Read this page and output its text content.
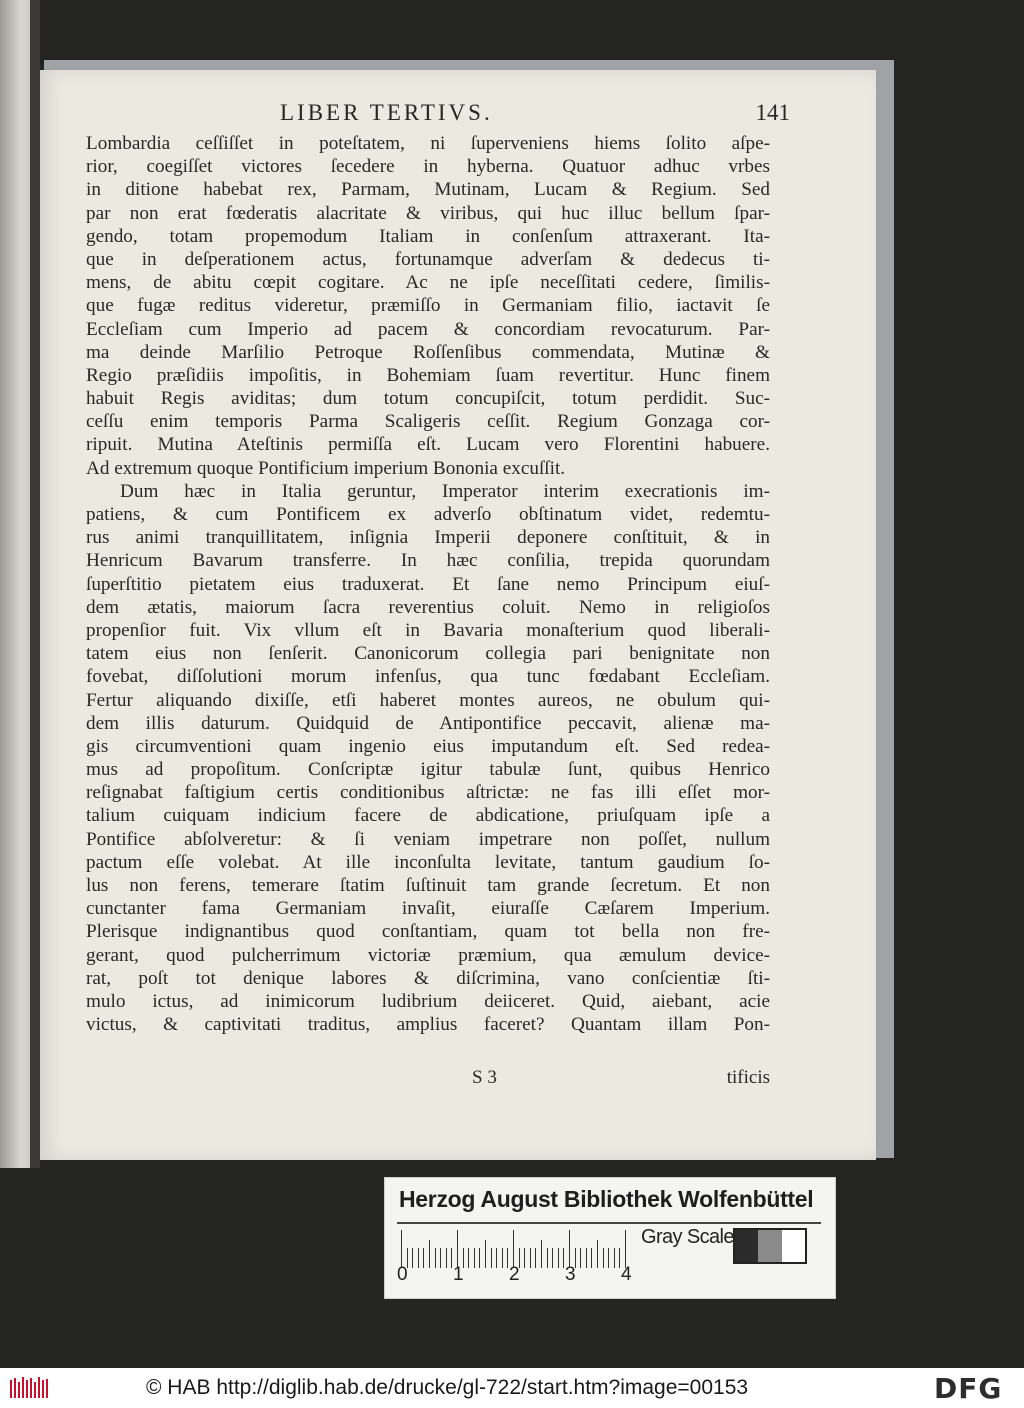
LIBER TERTIVS.	141
Lombardia ceſſiſſet in poteſtatem, ni ſuperveniens hiems ſolito aſpe-
rior, coegiſſet victores ſecedere in hyberna. Quatuor adhuc vrbes
in ditione habebat rex, Parmam, Mutinam, Lucam & Regium. Sed
par non erat fœderatis alacritate & viribus, qui huc illuc bellum ſpar-
gendo, totam propemodum Italiam in conſenſum attraxerant. Ita-
que in deſperationem actus, fortunamque adverſam & dedecus ti-
mens, de abitu cœpit cogitare. Ac ne ipſe neceſſitati cedere, ſimilis-
que fugæ reditus videretur, præmiſſo in Germaniam filio, iactavit ſe
Eccleſiam cum Imperio ad pacem & concordiam revocaturum. Par-
ma deinde Marſilio Petroque Roſſenſibus commendata, Mutinæ &
Regio præſidiis impoſitis, in Bohemiam ſuam revertitur. Hunc finem
habuit Regis aviditas; dum totum concupiſcit, totum perdidit. Suc-
ceſſu enim temporis Parma Scaligeris ceſſit. Regium Gonzaga cor-
ripuit. Mutina Ateſtinis permiſſa eſt. Lucam vero Florentini habuere.
Ad extremum quoque Pontificium imperium Bononia excuſſit.
Dum hæc in Italia geruntur, Imperator interim execrationis im-
patiens, & cum Pontificem ex adverſo obſtinatum videt, redemtu-
rus animi tranquillitatem, inſignia Imperii deponere conſtituit, & in
Henricum Bavarum transferre. In hæc conſilia, trepida quorundam
ſuperſtitio pietatem eius traduxerat. Et ſane nemo Principum eiuſ-
dem ætatis, maiorum ſacra reverentius coluit. Nemo in religioſos
propenſior fuit. Vix vllum eſt in Bavaria monaſterium quod liberali-
tatem eius non ſenſerit. Canonicorum collegia pari benignitate non
fovebat, diſſolutioni morum infenſus, qua tunc fœdabant Eccleſiam.
Fertur aliquando dixiſſe, etſi haberet montes aureos, ne obulum qui-
dem illis daturum. Quidquid de Antipontifice peccavit, alienæ ma-
gis circumventioni quam ingenio eius imputandum eſt. Sed redea-
mus ad propoſitum. Conſcriptæ igitur tabulæ ſunt, quibus Henrico
reſignabat faſtigium certis conditionibus aſtrictæ: ne fas illi eſſet mor-
talium cuiquam indicium facere de abdicatione, priuſquam ipſe a
Pontifice abſolveretur: & ſi veniam impetrare non poſſet, nullum
pactum eſſe volebat. At ille inconſulta levitate, tantum gaudium ſo-
lus non ferens, temerare ſtatim ſuſtinuit tam grande ſecretum. Et non
cunctanter fama Germaniam invaſit, eiuraſſe Cæſarem Imperium.
Plerisque indignantibus quod conſtantiam, quam tot bella non fre-
gerant, quod pulcherrimum victoriæ præmium, qua æmulum device-
rat, poſt tot denique labores & diſcrimina, vano conſcientiæ ſti-
mulo ictus, ad inimicorum ludibrium deiiceret. Quid, aiebant, acie
victus, & captivitati traditus, amplius faceret? Quantam illam Pon-
S 3	tificis
Herzog August Bibliothek Wolfenbüttel
0 1 2 3 4
Gray Scale
© HAB http://diglib.hab.de/drucke/gl-722/start.htm?image=00153	DFG
